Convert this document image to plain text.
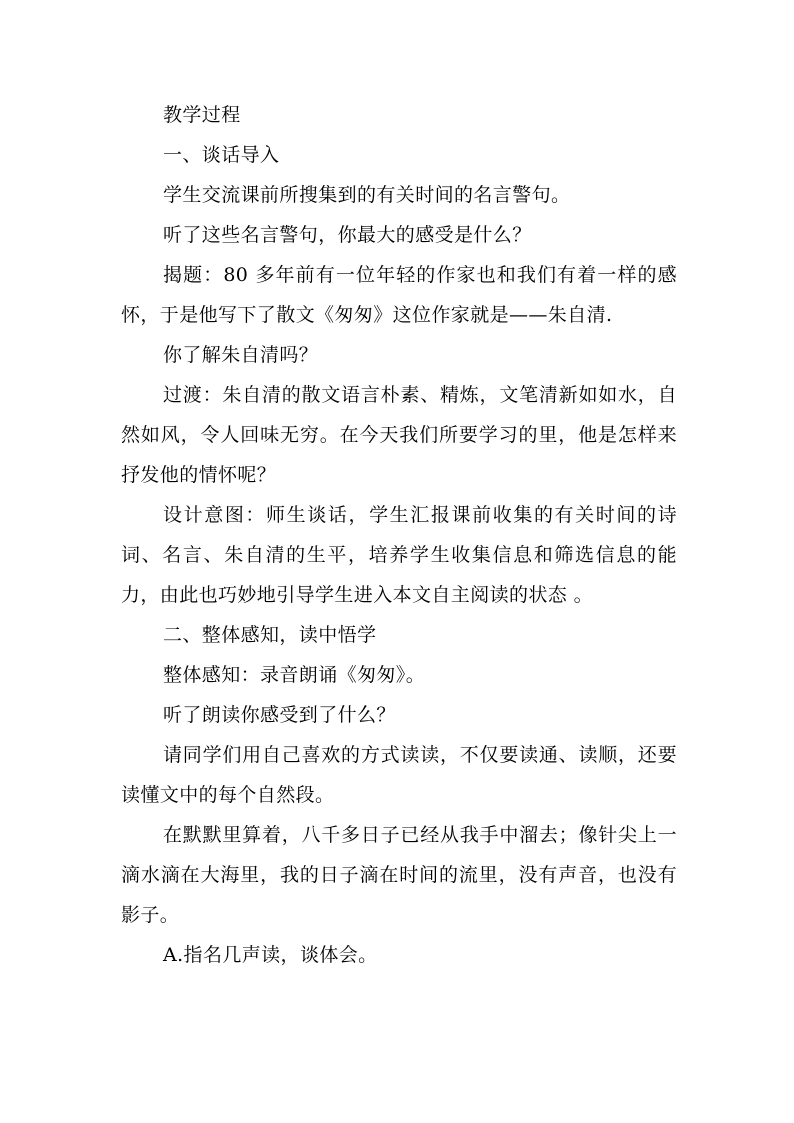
教学过程

一、谈话导入

学生交流课前所搜集到的有关时间的名言警句。

听了这些名言警句，你最大的感受是什么？

揭题：80 多年前有一位年轻的作家也和我们有着一样的感怀，于是他写下了散文《匆匆》这位作家就是——朱自清.

你了解朱自清吗？

过渡：朱自清的散文语言朴素、精炼，文笔清新如如水，自然如风，令人回味无穷。在今天我们所要学习的里，他是怎样来抒发他的情怀呢？

设计意图：师生谈话，学生汇报课前收集的有关时间的诗词、名言、朱自清的生平，培养学生收集信息和筛选信息的能力，由此也巧妙地引导学生进入本文自主阅读的状态 。

二、整体感知，读中悟学

整体感知：录音朗诵《匆匆》。

听了朗读你感受到了什么？

请同学们用自己喜欢的方式读读，不仅要读通、读顺，还要读懂文中的每个自然段。

在默默里算着，八千多日子已经从我手中溜去；像针尖上一滴水滴在大海里，我的日子滴在时间的流里，没有声音，也没有影子。

A.指名几声读，谈体会。
